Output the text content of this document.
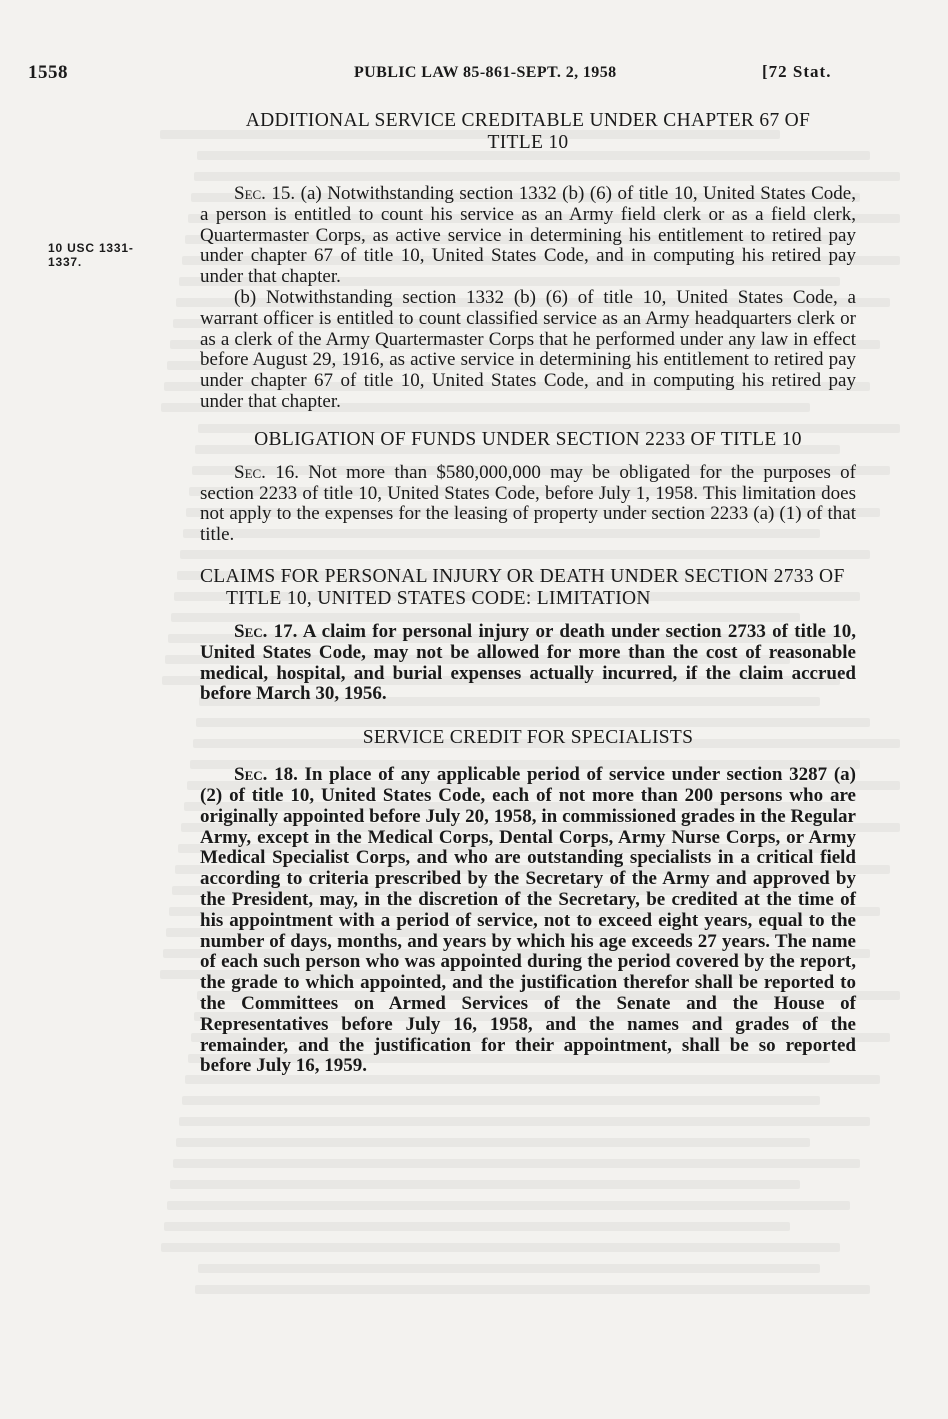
1558	PUBLIC LAW 85-861-SEPT. 2, 1958	[72 Stat.
10 USC 1331-
1337.
ADDITIONAL SERVICE CREDITABLE UNDER CHAPTER 67 OF TITLE 10

Sec. 15. (a) Notwithstanding section 1332 (b) (6) of title 10, United States Code, a person is entitled to count his service as an Army field clerk or as a field clerk, Quartermaster Corps, as active service in determining his entitlement to retired pay under chapter 67 of title 10, United States Code, and in computing his retired pay under that chapter.

(b) Notwithstanding section 1332 (b) (6) of title 10, United States Code, a warrant officer is entitled to count classified service as an Army headquarters clerk or as a clerk of the Army Quartermaster Corps that he performed under any law in effect before August 29, 1916, as active service in determining his entitlement to retired pay under chapter 67 of title 10, United States Code, and in computing his retired pay under that chapter.

OBLIGATION OF FUNDS UNDER SECTION 2233 OF TITLE 10

Sec. 16. Not more than $580,000,000 may be obligated for the purposes of section 2233 of title 10, United States Code, before July 1, 1958. This limitation does not apply to the expenses for the leasing of property under section 2233 (a) (1) of that title.

CLAIMS FOR PERSONAL INJURY OR DEATH UNDER SECTION 2733 OF TITLE 10, UNITED STATES CODE: LIMITATION

Sec. 17. A claim for personal injury or death under section 2733 of title 10, United States Code, may not be allowed for more than the cost of reasonable medical, hospital, and burial expenses actually incurred, if the claim accrued before March 30, 1956.

SERVICE CREDIT FOR SPECIALISTS

Sec. 18. In place of any applicable period of service under section 3287 (a) (2) of title 10, United States Code, each of not more than 200 persons who are originally appointed before July 20, 1958, in commissioned grades in the Regular Army, except in the Medical Corps, Dental Corps, Army Nurse Corps, or Army Medical Specialist Corps, and who are outstanding specialists in a critical field according to criteria prescribed by the Secretary of the Army and approved by the President, may, in the discretion of the Secretary, be credited at the time of his appointment with a period of service, not to exceed eight years, equal to the number of days, months, and years by which his age exceeds 27 years. The name of each such person who was appointed during the period covered by the report, the grade to which appointed, and the justification therefor shall be reported to the Committees on Armed Services of the Senate and the House of Representatives before July 16, 1958, and the names and grades of the remainder, and the justification for their appointment, shall be so reported before July 16, 1959.
